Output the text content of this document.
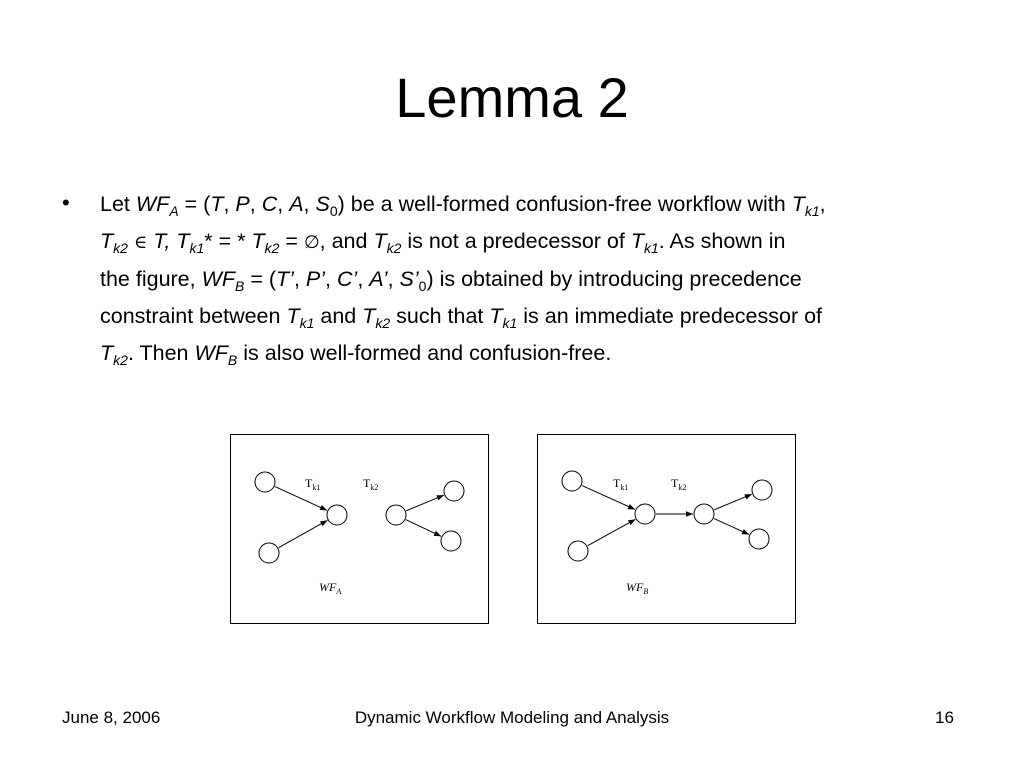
Lemma 2
• Let $WF_A = (T$, P, C, A, $S_0$) be a well-formed confusion-free workflow with $T_{k1}$,
$T_{k2}$ ∈ T, $T_{k1}*$ = * $T_{k2}$ = ∅, and $T_{k2}$ is not a predecessor of $T_{k1}$. As shown in
the figure, $WF_B = (T$’, P’, C’, A’, $S’_0$) is obtained by introducing precedence
constraint between $T_{k1}$ and $T_{k2}$ such that $T_{k1}$ is an immediate predecessor of
$T_{k2}$. Then $WF_B$ is also well-formed and confusion-free.
$T_{k1}$	$T_{k2}$
$WF_A$
$T_{k1}$	$T_{k2}$
$WF_B$
June 8, 2006	Dynamic Workflow Modeling and Analysis	16
